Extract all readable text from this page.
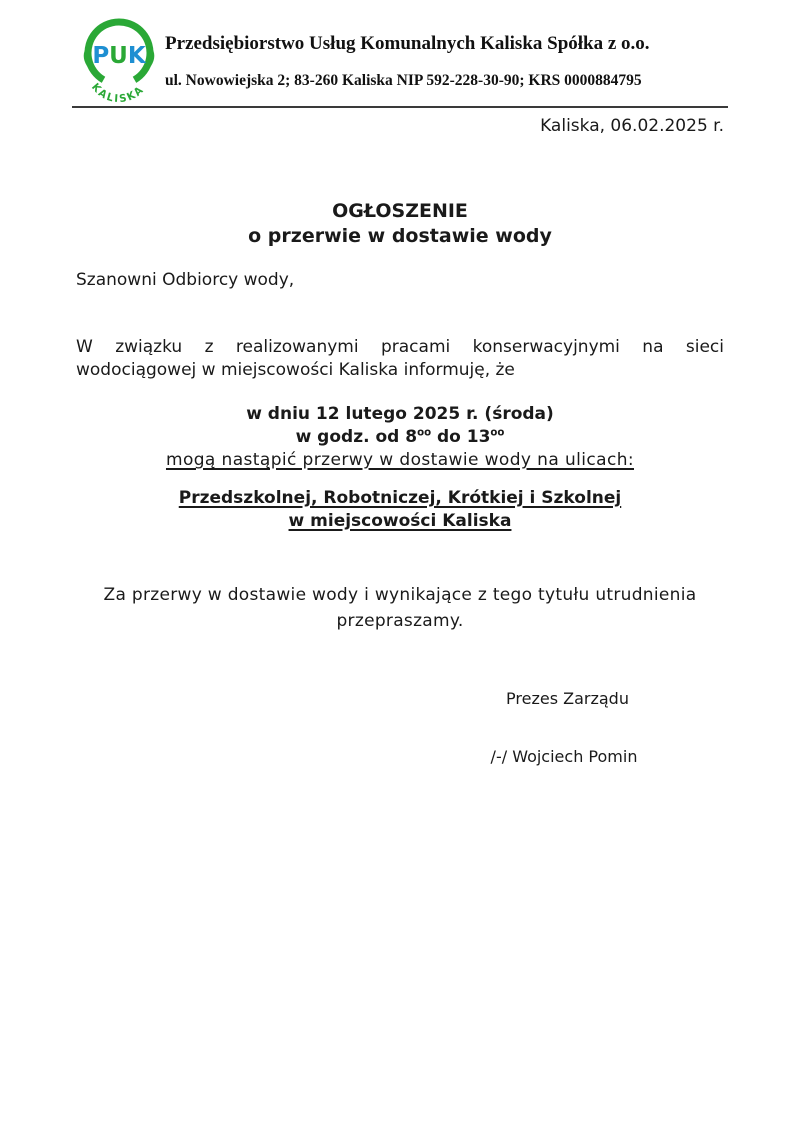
(PUK)
KALISKA
Przedsiębiorstwo Usług Komunalnych Kaliska Spółka z o.o.
ul. Nowowiejska 2; 83-260 Kaliska NIP 592-228-30-90; KRS 0000884795
Kaliska, 06.02.2025 r.
OGŁOSZENIE
o przerwie w dostawie wody
Szanowni Odbiorcy wody,
W związku z realizowanymi pracami konserwacyjnymi na sieci
wodociągowej w miejscowości Kaliska informuję, że
w dniu 12 lutego 2025 r. (środa)
w godz. od $8^{oo}$ do $13^{oo}$
mogą nastąpić przerwy w dostawie wody na ulicach:
Przedszkolnej, Robotniczej, Krótkiej i Szkolnej
w miejscowości Kaliska
Za przerwy w dostawie wody i wynikające z tego tytułu utrudnienia
przepraszamy.
Prezes Zarządu
/-/ Wojciech Pomin
